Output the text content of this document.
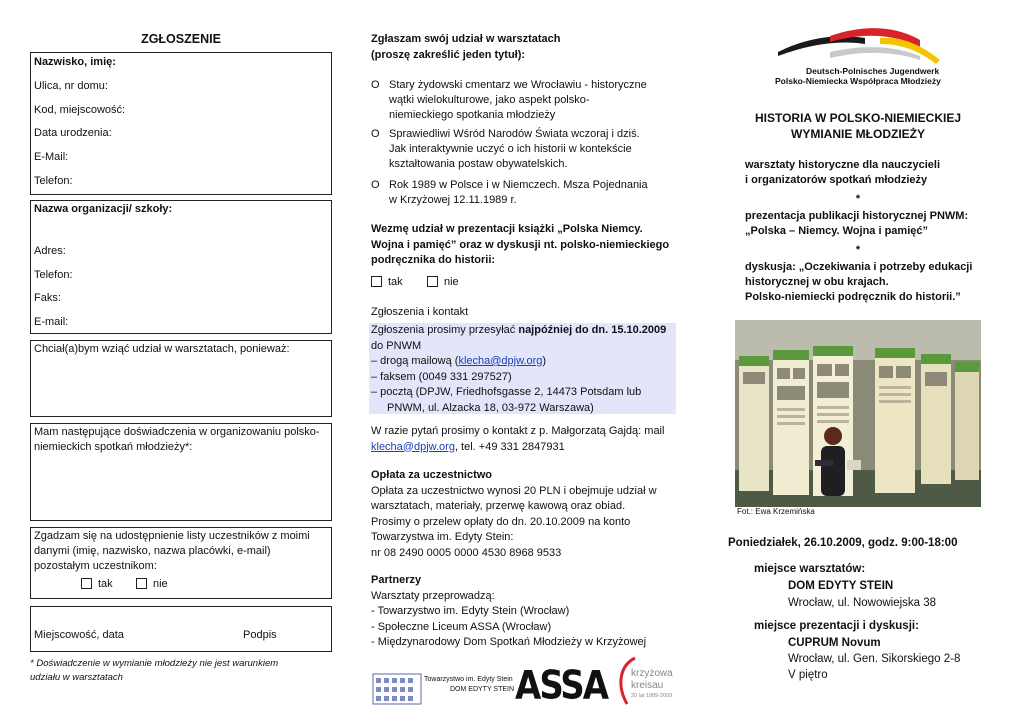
ZGŁOSZENIE
Nazwisko, imię:
Ulica, nr domu:
Kod, miejscowość:
Data urodzenia:
E-Mail:
Telefon:
Nazwa organizacji/ szkoły:
Adres:
Telefon:
Faks:
E-mail:
Chciał(a)bym wziąć udział w warsztatach, ponieważ:
Mam następujące doświadczenia w organizowaniu polsko-
niemieckich spotkań młodzieży*:
Zgadzam się na udostępnienie listy uczestników z moimi
danymi (imię, nazwisko, nazwa placówki, e-mail)
pozostałym uczestnikom:
tak	nie
Miejscowość, data	Podpis
* Doświadczenie w wymianie młodzieży nie jest warunkiem
udziału w warsztatach
Zgłaszam swój udział w warsztatach
(proszę zakreślić jeden tytuł):
O Stary żydowski cmentarz we Wrocławiu - historyczne
wątki wielokulturowe, jako aspekt polsko-
niemieckiego spotkania młodzieży
O Sprawiedliwi Wśród Narodów Świata wczoraj i dziś.
Jak interaktywnie uczyć o ich historii w kontekście
kształtowania postaw obywatelskich.
O Rok 1989 w Polsce i w Niemczech. Msza Pojednania
w Krzyżowej 12.11.1989 r.
Wezmę udział w prezentacji książki „Polska Niemcy.
Wojna i pamięć” oraz w dyskusji nt. polsko-niemieckiego
podręcznika do historii:
tak	nie
Zgłoszenia i kontakt
Zgłoszenia prosimy przesyłać najpóźniej do dn. 15.10.2009
do PNWM
– drogą mailową (klecha@dpjw.org)
– faksem (0049 331 297527)
– pocztą (DPJW, Friedhofsgasse 2, 14473 Potsdam lub
PNWM, ul. Alzacka 18, 03-972 Warszawa)
W razie pytań prosimy o kontakt z p. Małgorzatą Gajdą: mail
klecha@dpjw.org, tel. +49 331 2847931
Opłata za uczestnictwo
Opłata za uczestnictwo wynosi 20 PLN i obejmuje udział w
warsztatach, materiały, przerwę kawową oraz obiad.
Prosimy o przelew opłaty do dn. 20.10.2009 na konto
Towarzystwa im. Edyty Stein:
nr 08 2490 0005 0000 4530 8968 9533
Partnerzy
Warsztaty przeprowadzą:
- Towarzystwo im. Edyty Stein (Wrocław)
- Społeczne Liceum ASSA (Wrocław)
- Międzynarodowy Dom Spotkań Młodzieży w Krzyżowej
Towarzystwo im. Edyty Stein
DOM EDYTY STEIN ASSA krzyżowa
kreisau
20 lat 1989-2009
Deutsch-Polnisches Jugendwerk
Polsko-Niemiecka Współpraca Młodzieży
HISTORIA W POLSKO-NIEMIECKIEJ
WYMIANIE MŁODZIEŻY
warsztaty historyczne dla nauczycieli
i organizatorów spotkań młodzieży
*
prezentacja publikacji historycznej PNWM:
„Polska – Niemcy. Wojna i pamięć”
*
dyskusja: „Oczekiwania i potrzeby edukacji
historycznej w obu krajach.
Polsko-niemiecki podręcznik do historii.”
Fot.: Ewa Krzemińska
Poniedziałek, 26.10.2009, godz. 9:00-18:00
miejsce warsztatów:
DOM EDYTY STEIN
Wrocław, ul. Nowowiejska 38
miejsce prezentacji i dyskusji:
CUPRUM Novum
Wrocław, ul. Gen. Sikorskiego 2-8
V piętro
